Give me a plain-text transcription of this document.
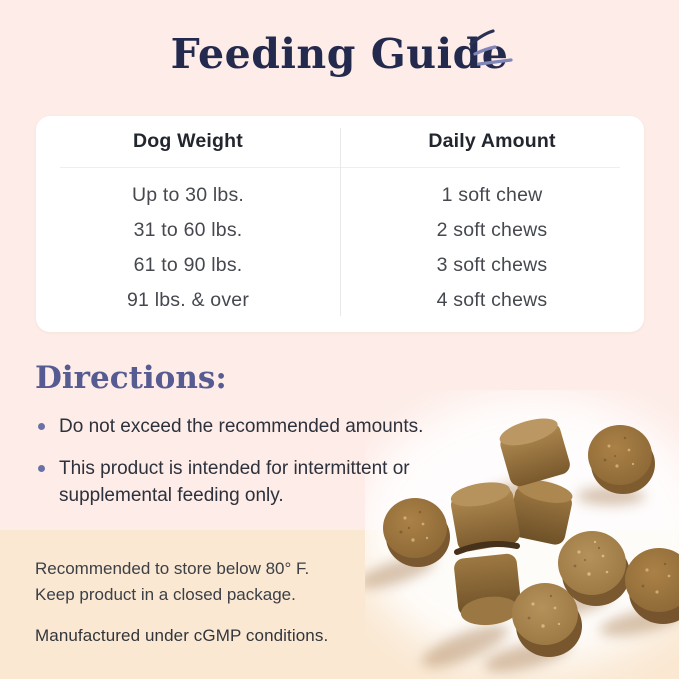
Feeding Guide
Dog Weight	Daily Amount
Up to 30 lbs.	1 soft chew
31 to 60 lbs.	2 soft chews
61 to 90 lbs.	3 soft chews
91 lbs. & over	4 soft chews
Directions:
Do not exceed the recommended amounts.
This product is intended for intermittent or supplemental feeding only.
Recommended to store below 80° F.
Keep product in a closed package.
Manufactured under cGMP conditions.
